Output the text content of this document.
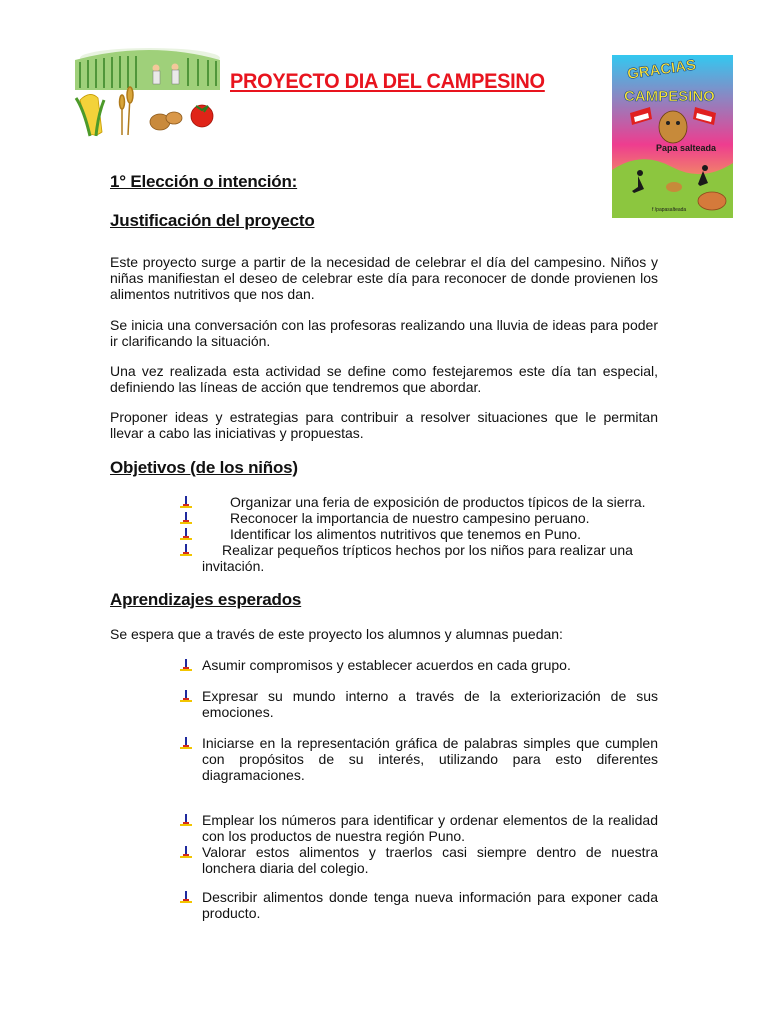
PROYECTO DIA DEL CAMPESINO	GRACIAS
CAMPESINO
Papa salteada
f /papasalteada
1° Elección o intención:
Justificación del proyecto
Este proyecto surge a partir de la necesidad de celebrar el día del campesino. Niños y niñas manifiestan el deseo de celebrar este día para reconocer de donde provienen los alimentos nutritivos que nos dan.
Se inicia una conversación con las profesoras realizando una lluvia de ideas para poder ir clarificando la situación.
Una vez realizada esta actividad se define como festejaremos este día tan especial, definiendo las líneas de acción que tendremos que abordar.
Proponer ideas y estrategias para contribuir a resolver situaciones que le permitan llevar a cabo las iniciativas y propuestas.
Objetivos (de los niños)
Organizar una feria de exposición de productos típicos de la sierra.
Reconocer la importancia de nuestro campesino peruano.
Identificar los alimentos nutritivos que tenemos en Puno.
Realizar pequeños trípticos hechos por los niños para realizar una
invitación.
Aprendizajes esperados
Se espera que a través de este proyecto los alumnos y alumnas puedan:
Asumir compromisos y establecer acuerdos en cada grupo.
Expresar su mundo interno a través de la exteriorización de sus emociones.
Iniciarse en la representación gráfica de palabras simples que cumplen con propósitos de su interés, utilizando para esto diferentes diagramaciones.
Emplear los números para identificar y ordenar elementos de la realidad con los productos de nuestra región Puno.
Valorar estos alimentos y traerlos casi siempre dentro de nuestra lonchera diaria del colegio.
Describir alimentos donde tenga nueva información para exponer cada producto.
